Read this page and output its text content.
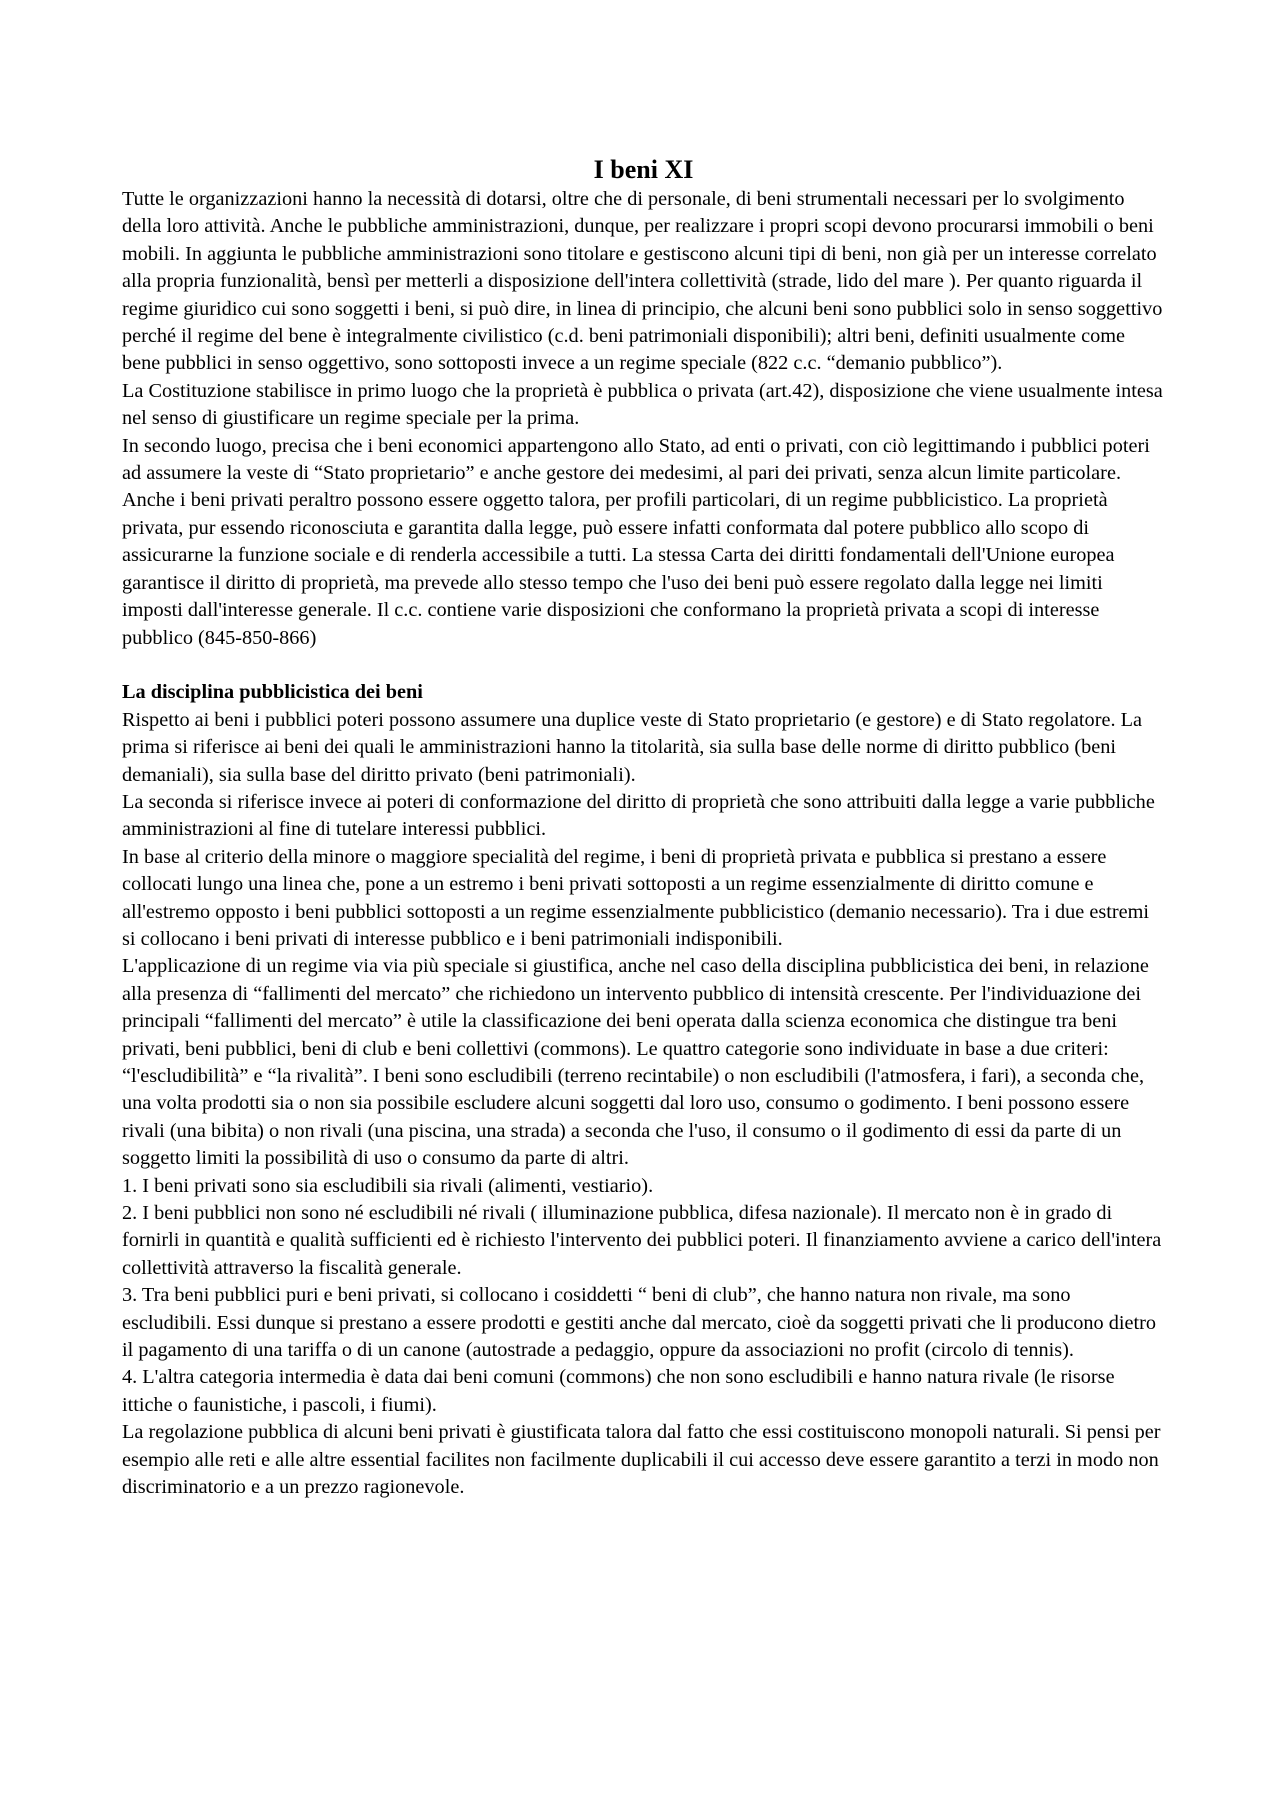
I beni XI

Tutte le organizzazioni hanno la necessità di dotarsi, oltre che di personale, di beni strumentali necessari per lo svolgimento della loro attività. Anche le pubbliche amministrazioni, dunque, per realizzare i propri scopi devono procurarsi immobili o beni mobili. In aggiunta le pubbliche amministrazioni sono titolare e gestiscono alcuni tipi di beni, non già per un interesse correlato alla propria funzionalità, bensì per metterli a disposizione dell'intera collettività (strade, lido del mare ). Per quanto riguarda il regime giuridico cui sono soggetti i beni, si può dire, in linea di principio, che alcuni beni sono pubblici solo in senso soggettivo perché il regime del bene è integralmente civilistico (c.d. beni patrimoniali disponibili); altri beni, definiti usualmente come bene pubblici in senso oggettivo, sono sottoposti invece a un regime speciale (822 c.c. “demanio pubblico”).

La Costituzione stabilisce in primo luogo che la proprietà è pubblica o privata (art.42), disposizione che viene usualmente intesa nel senso di giustificare un regime speciale per la prima.

In secondo luogo, precisa che i beni economici appartengono allo Stato, ad enti o privati, con ciò legittimando i pubblici poteri ad assumere la veste di “Stato proprietario” e anche gestore dei medesimi, al pari dei privati, senza alcun limite particolare.

Anche i beni privati peraltro possono essere oggetto talora, per profili particolari, di un regime pubblicistico. La proprietà privata, pur essendo riconosciuta e garantita dalla legge, può essere infatti conformata dal potere pubblico allo scopo di assicurarne la funzione sociale e di renderla accessibile a tutti. La stessa Carta dei diritti fondamentali dell'Unione europea garantisce il diritto di proprietà, ma prevede allo stesso tempo che l'uso dei beni può essere regolato dalla legge nei limiti imposti dall'interesse generale. Il c.c. contiene varie disposizioni che conformano la proprietà privata a scopi di interesse pubblico (845-850-866)

La disciplina pubblicistica dei beni

Rispetto ai beni i pubblici poteri possono assumere una duplice veste di Stato proprietario (e gestore) e di Stato regolatore. La prima si riferisce ai beni dei quali le amministrazioni hanno la titolarità, sia sulla base delle norme di diritto pubblico (beni demaniali), sia sulla base del diritto privato (beni patrimoniali).

La seconda si riferisce invece ai poteri di conformazione del diritto di proprietà che sono attribuiti dalla legge a varie pubbliche amministrazioni al fine di tutelare interessi pubblici.

In base al criterio della minore o maggiore specialità del regime, i beni di proprietà privata e pubblica si prestano a essere collocati lungo una linea che, pone a un estremo i beni privati sottoposti a un regime essenzialmente di diritto comune e all'estremo opposto i beni pubblici sottoposti a un regime essenzialmente pubblicistico (demanio necessario). Tra i due estremi si collocano i beni privati di interesse pubblico e i beni patrimoniali indisponibili.

L'applicazione di un regime via via più speciale si giustifica, anche nel caso della disciplina pubblicistica dei beni, in relazione alla presenza di “fallimenti del mercato” che richiedono un intervento pubblico di intensità crescente. Per l'individuazione dei principali “fallimenti del mercato” è utile la classificazione dei beni operata dalla scienza economica che distingue tra beni privati, beni pubblici, beni di club e beni collettivi (commons). Le quattro categorie sono individuate in base a due criteri: “l'escludibilità” e “la rivalità”. I beni sono escludibili (terreno recintabile) o non escludibili (l'atmosfera, i fari), a seconda che, una volta prodotti sia o non sia possibile escludere alcuni soggetti dal loro uso, consumo o godimento. I beni possono essere rivali (una bibita) o non rivali (una piscina, una strada) a seconda che l'uso, il consumo o il godimento di essi da parte di un soggetto limiti la possibilità di uso o consumo da parte di altri.

1. I beni privati sono sia escludibili sia rivali (alimenti, vestiario).

2. I beni pubblici non sono né escludibili né rivali ( illuminazione pubblica, difesa nazionale). Il mercato non è in grado di fornirli in quantità e qualità sufficienti ed è richiesto l'intervento dei pubblici poteri. Il finanziamento avviene a carico dell'intera collettività attraverso la fiscalità generale.

3. Tra beni pubblici puri e beni privati, si collocano i cosiddetti “ beni di club”, che hanno natura non rivale, ma sono escludibili. Essi dunque si prestano a essere prodotti e gestiti anche dal mercato, cioè da soggetti privati che li producono dietro il pagamento di una tariffa o di un canone (autostrade a pedaggio, oppure da associazioni no profit (circolo di tennis).

4. L'altra categoria intermedia è data dai beni comuni (commons) che non sono escludibili e hanno natura rivale (le risorse ittiche o faunistiche, i pascoli, i fiumi).

La regolazione pubblica di alcuni beni privati è giustificata talora dal fatto che essi costituiscono monopoli naturali. Si pensi per esempio alle reti e alle altre essential facilites non facilmente duplicabili il cui accesso deve essere garantito a terzi in modo non discriminatorio e a un prezzo ragionevole.
